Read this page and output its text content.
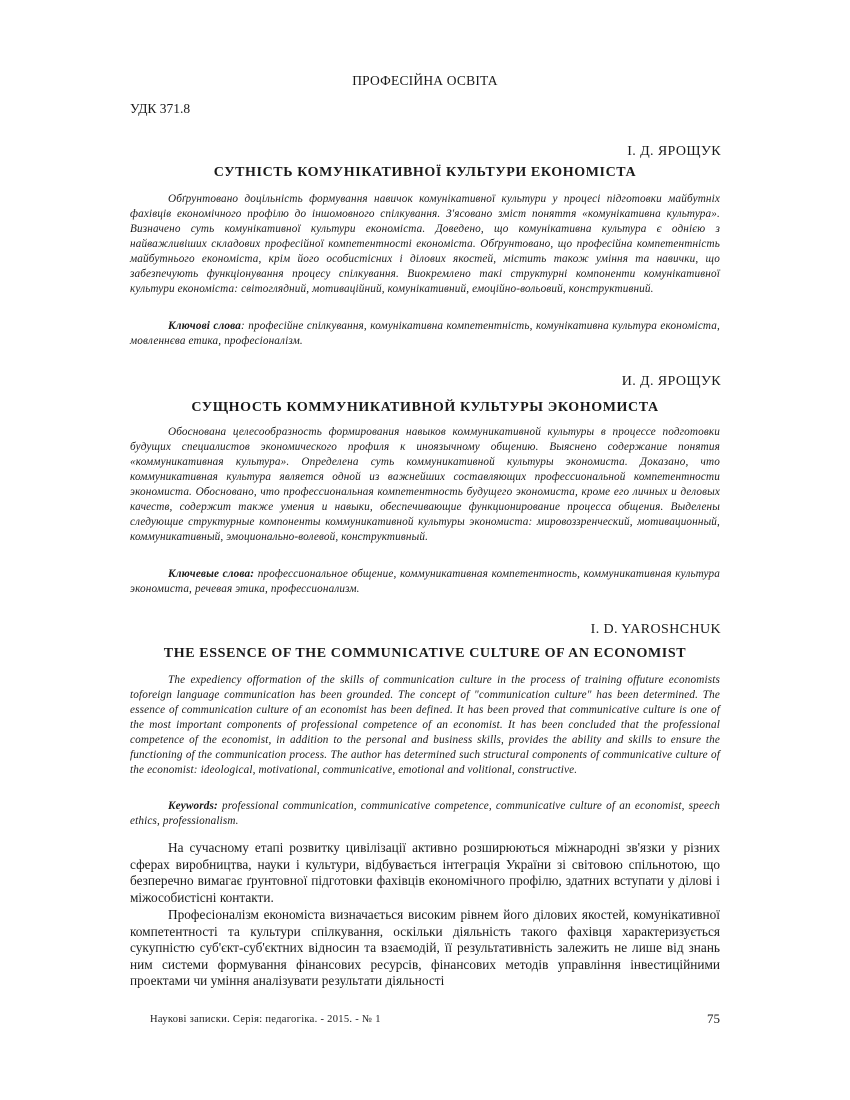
ПРОФЕСІЙНА ОСВІТА
УДК 371.8
І. Д. ЯРОЩУК
СУТНІСТЬ КОМУНІКАТИВНОЇ КУЛЬТУРИ ЕКОНОМІСТА

Обґрунтовано доцільність формування навичок комунікативної культури у процесі підготовки майбутніх фахівців економічного профілю до іншомовного спілкування. З'ясовано зміст поняття «комунікативна культура». Визначено суть комунікативної культури економіста. Доведено, що комунікативна культура є однією з найважливіших складових професійної компетентності економіста. Обґрунтовано, що професійна компетентність майбутнього економіста, крім його особистісних і ділових якостей, містить також уміння та навички, що забезпечують функціонування процесу спілкування. Виокремлено такі структурні компоненти комунікативної культури економіста: світоглядний, мотиваційний, комунікативний, емоційно-вольовий, конструктивний.

Ключові слова: професійне спілкування, комунікативна компетентність, комунікативна культура економіста, мовленнєва етика, професіоналізм.

И. Д. ЯРОЩУК
СУЩНОСТЬ КОММУНИКАТИВНОЙ КУЛЬТУРЫ ЭКОНОМИСТА

Обоснована целесообразность формирования навыков коммуникативной культуры в процессе подготовки будущих специалистов экономического профиля к иноязычному общению. Выяснено содержание понятия «коммуникативная культура». Определена суть коммуникативной культуры экономиста. Доказано, что коммуникативная культура является одной из важнейших составляющих профессиональной компетентности экономиста. Обосновано, что профессиональная компетентность будущего экономиста, кроме его личных и деловых качеств, содержит также умения и навыки, обеспечивающие функционирование процесса общения. Выделены следующие структурные компоненты коммуникативной культуры экономиста: мировоззренческий, мотивационный, коммуникативный, эмоционально-волевой, конструктивный.

Ключевые слова: профессиональное общение, коммуникативная компетентность, коммуникативная культура экономиста, речевая этика, профессионализм.

I. D. YAROSHCHUK
THE ESSENCE OF THE COMMUNICATIVE CULTURE OF AN ECONOMIST

The expediency offormation of the skills of communication culture in the process of training offuture economists toforeign language communication has been grounded. The concept of "communication culture" has been determined. The essence of communication culture of an economist has been defined. It has been proved that communicative culture is one of the most important components of professional competence of an economist. It has been concluded that the professional competence of the economist, in addition to the personal and business skills, provides the ability and skills to ensure the functioning of the communication process. The author has determined such structural components of communicative culture of the economist: ideological, motivational, communicative, emotional and volitional, constructive.

Keywords: professional communication, communicative competence, communicative culture of an economist, speech ethics, professionalism.

На сучасному етапі розвитку цивілізації активно розширюються міжнародні зв'язки у різних сферах виробництва, науки і культури, відбувається інтеграція України зі світовою спільнотою, що безперечно вимагає ґрунтовної підготовки фахівців економічного профілю, здатних вступати у ділові і міжособистісні контакти.

Професіоналізм економіста визначається високим рівнем його ділових якостей, комунікативної компетентності та культури спілкування, оскільки діяльність такого фахівця характеризується сукупністю суб'єкт-суб'єктних відносин та взаємодій, її результативність залежить не лише від знань ним системи формування фінансових ресурсів, фінансових методів управління інвестиційними проектами чи уміння аналізувати результати діяльності

Наукові записки. Серія: педагогіка. - 2015. - № 1	75
